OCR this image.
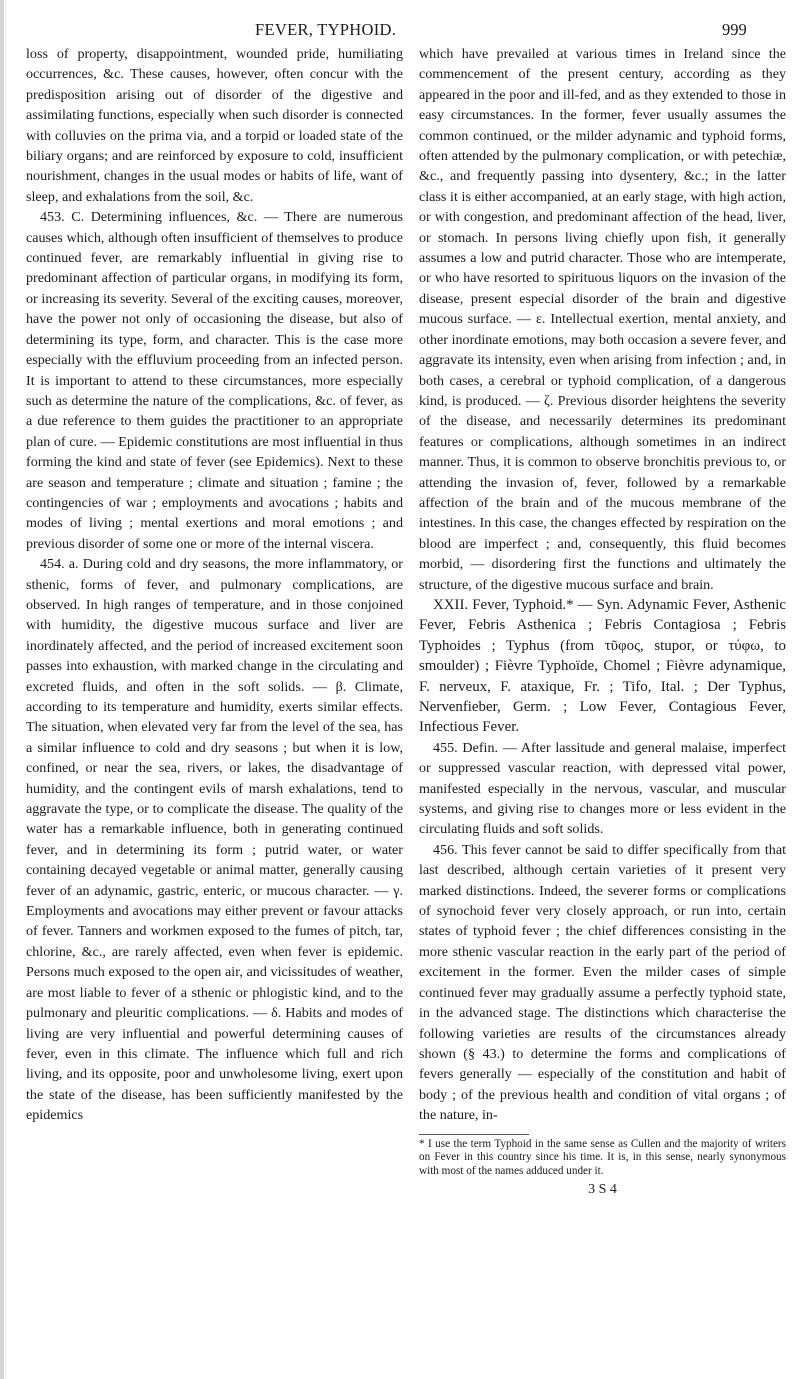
FEVER, TYPHOID.	999

loss of property, disappointment, wounded pride, humiliating occurrences, &c. These causes, however, often concur with the predisposition arising out of disorder of the digestive and assimilating functions, especially when such disorder is connected with colluvies on the prima via, and a torpid or loaded state of the biliary organs; and are reinforced by exposure to cold, insufficient nourishment, changes in the usual modes or habits of life, want of sleep, and exhalations from the soil, &c.

453. C. Determining influences, &c. — There are numerous causes which, although often insufficient of themselves to produce continued fever, are remarkably influential in giving rise to predominant affection of particular organs, in modifying its form, or increasing its severity. Several of the exciting causes, moreover, have the power not only of occasioning the disease, but also of determining its type, form, and character. This is the case more especially with the effluvium proceeding from an infected person. It is important to attend to these circumstances, more especially such as determine the nature of the complications, &c. of fever, as a due reference to them guides the practitioner to an appropriate plan of cure. — Epidemic constitutions are most influential in thus forming the kind and state of fever (see Epidemics). Next to these are season and temperature ; climate and situation ; famine ; the contingencies of war ; employments and avocations ; habits and modes of living ; mental exertions and moral emotions ; and previous disorder of some one or more of the internal viscera.

454. a. During cold and dry seasons, the more inflammatory, or sthenic, forms of fever, and pulmonary complications, are observed. In high ranges of temperature, and in those conjoined with humidity, the digestive mucous surface and liver are inordinately affected, and the period of increased excitement soon passes into exhaustion, with marked change in the circulating and excreted fluids, and often in the soft solids. — β. Climate, according to its temperature and humidity, exerts similar effects. The situation, when elevated very far from the level of the sea, has a similar influence to cold and dry seasons ; but when it is low, confined, or near the sea, rivers, or lakes, the disadvantage of humidity, and the contingent evils of marsh exhalations, tend to aggravate the type, or to complicate the disease. The quality of the water has a remarkable influence, both in generating continued fever, and in determining its form ; putrid water, or water containing decayed vegetable or animal matter, generally causing fever of an adynamic, gastric, enteric, or mucous character. — γ. Employments and avocations may either prevent or favour attacks of fever. Tanners and workmen exposed to the fumes of pitch, tar, chlorine, &c., are rarely affected, even when fever is epidemic. Persons much exposed to the open air, and vicissitudes of weather, are most liable to fever of a sthenic or phlogistic kind, and to the pulmonary and pleuritic complications. — δ. Habits and modes of living are very influential and powerful determining causes of fever, even in this climate. The influence which full and rich living, and its opposite, poor and unwholesome living, exert upon the state of the disease, has been sufficiently manifested by the epidemics

which have prevailed at various times in Ireland since the commencement of the present century, according as they appeared in the poor and ill-fed, and as they extended to those in easy circumstances. In the former, fever usually assumes the common continued, or the milder adynamic and typhoid forms, often attended by the pulmonary complication, or with petechiæ, &c., and frequently passing into dysentery, &c.; in the latter class it is either accompanied, at an early stage, with high action, or with congestion, and predominant affection of the head, liver, or stomach. In persons living chiefly upon fish, it generally assumes a low and putrid character. Those who are intemperate, or who have resorted to spirituous liquors on the invasion of the disease, present especial disorder of the brain and digestive mucous surface. — ε. Intellectual exertion, mental anxiety, and other inordinate emotions, may both occasion a severe fever, and aggravate its intensity, even when arising from infection ; and, in both cases, a cerebral or typhoid complication, of a dangerous kind, is produced. — ζ. Previous disorder heightens the severity of the disease, and necessarily determines its predominant features or complications, although sometimes in an indirect manner. Thus, it is common to observe bronchitis previous to, or attending the invasion of, fever, followed by a remarkable affection of the brain and of the mucous membrane of the intestines. In this case, the changes effected by respiration on the blood are imperfect ; and, consequently, this fluid becomes morbid, — disordering first the functions and ultimately the structure, of the digestive mucous surface and brain.

XXII. Fever, Typhoid.* — Syn. Adynamic Fever, Asthenic Fever, Febris Asthenica ; Febris Contagiosa ; Febris Typhoides ; Typhus (from τῦφος, stupor, or τύφω, to smoulder) ; Fièvre Typhoïde, Chomel ; Fièvre adynamique, F. nerveux, F. ataxique, Fr. ; Tifo, Ital. ; Der Typhus, Nervenfieber, Germ. ; Low Fever, Contagious Fever, Infectious Fever.

455. Defin. — After lassitude and general malaise, imperfect or suppressed vascular reaction, with depressed vital power, manifested especially in the nervous, vascular, and muscular systems, and giving rise to changes more or less evident in the circulating fluids and soft solids.

456. This fever cannot be said to differ specifically from that last described, although certain varieties of it present very marked distinctions. Indeed, the severer forms or complications of synochoid fever very closely approach, or run into, certain states of typhoid fever ; the chief differences consisting in the more sthenic vascular reaction in the early part of the period of excitement in the former. Even the milder cases of simple continued fever may gradually assume a perfectly typhoid state, in the advanced stage. The distinctions which characterise the following varieties are results of the circumstances already shown (§ 43.) to determine the forms and complications of fevers generally — especially of the constitution and habit of body ; of the previous health and condition of vital organs ; of the nature, in-

* I use the term Typhoid in the same sense as Cullen and the majority of writers on Fever in this country since his time. It is, in this sense, nearly synonymous with most of the names adduced under it.

3 S 4
